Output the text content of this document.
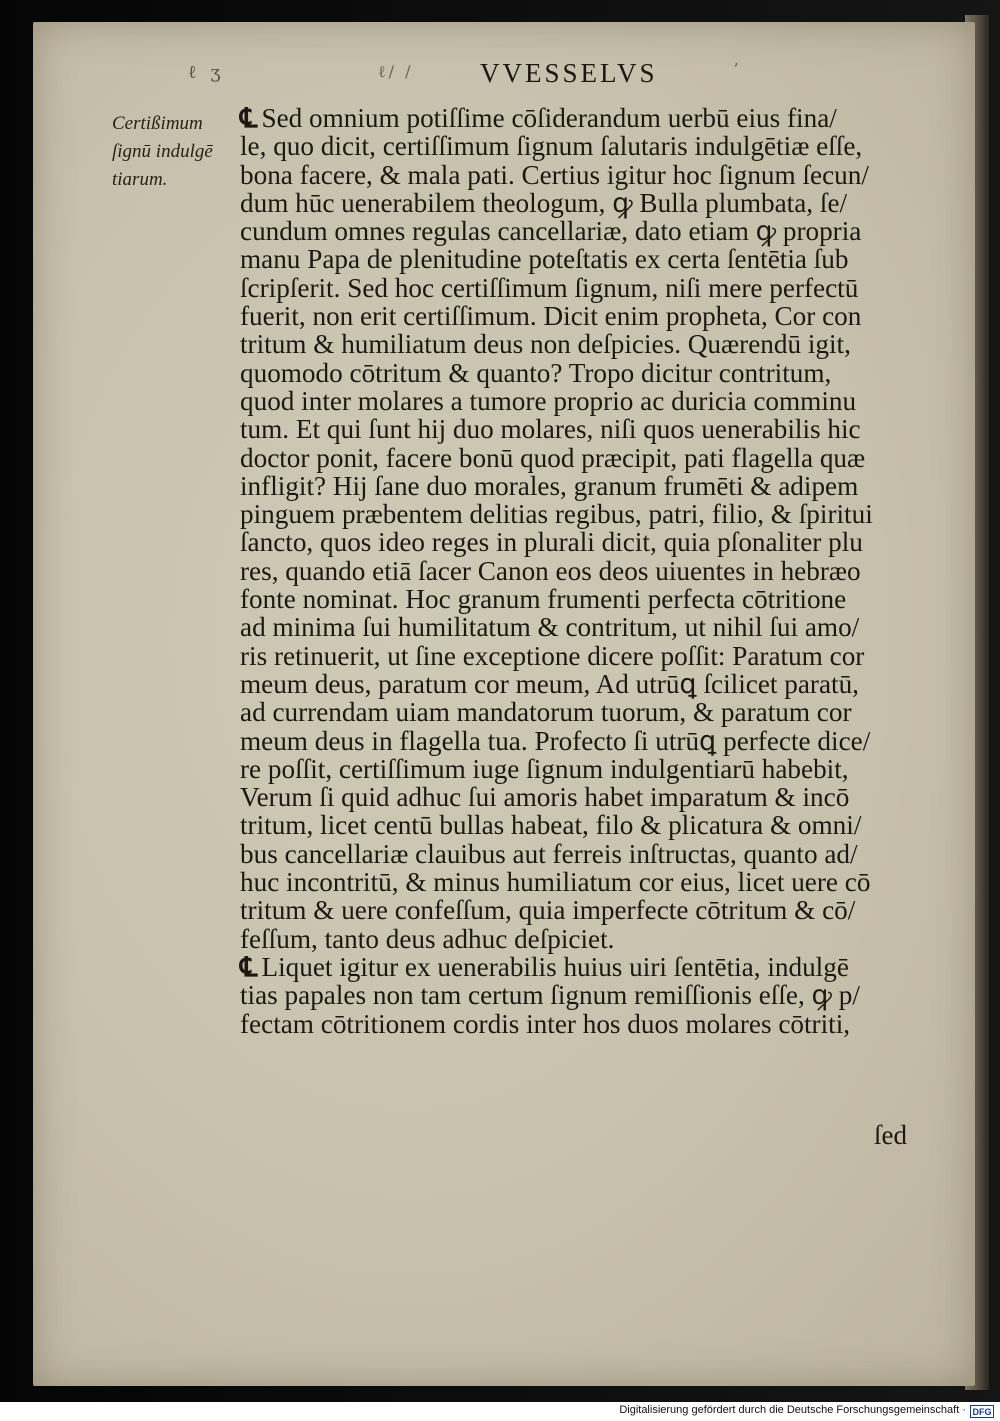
ℓ ʒ	ℓ∕ ∕ VVESSELVS	ʼ
Certißimum
ſignū indulgē
tiarum.
℄ Sed omnium potiſſime cōſiderandum uerbū eius fina/
le, quo dicit, certiſſimum ſignum ſalutaris indulgētiæ eſſe,
bona facere, & mala pati. Certius igitur hoc ſignum ſecun/
dum hūc uenerabilem theologum, ꝙ Bulla plumbata, ſe/
cundum omnes regulas cancellariæ, dato etiam ꝙ propria
manu Papa de plenitudine poteſtatis ex certa ſentētia ſub
ſcripſerit. Sed hoc certiſſimum ſignum, niſi mere perfectū
fuerit, non erit certiſſimum. Dicit enim propheta, Cor con
tritum & humiliatum deus non deſpicies. Quærendū igit,
quomodo cōtritum & quanto? Tropo dicitur contritum,
quod inter molares a tumore proprio ac duricia comminu
tum. Et qui ſunt hĳ duo molares, niſi quos uenerabilis hic
doctor ponit, facere bonū quod præcipit, pati flagella quæ
infligit? Hĳ ſane duo morales, granum frumēti & adipem
pinguem præbentem delitias regibus, patri, filio, & ſpiritui
ſancto, quos ideo reges in plurali dicit, quia pſonaliter plu
res, quando etiā ſacer Canon eos deos uiuentes in hebræo
fonte nominat. Hoc granum frumenti perfecta cōtritione
ad minima ſui humilitatum & contritum, ut nihil ſui amo/
ris retinuerit, ut ſine exceptione dicere poſſit: Paratum cor
meum deus, paratum cor meum, Ad utrūꝗ ſcilicet paratū,
ad currendam uiam mandatorum tuorum, & paratum cor
meum deus in flagella tua. Profecto ſi utrūꝗ perfecte dice/
re poſſit, certiſſimum iuge ſignum indulgentiarū habebit,
Verum ſi quid adhuc ſui amoris habet imparatum & incō
tritum, licet centū bullas habeat, filo & plicatura & omni/
bus cancellariæ clauibus aut ferreis inſtructas, quanto ad/
huc incontritū, & minus humiliatum cor eius, licet uere cō
tritum & uere confeſſum, quia imperfecte cōtritum & cō/
feſſum, tanto deus adhuc deſpiciet.
℄ Liquet igitur ex uenerabilis huius uiri ſentētia, indulgē
tias papales non tam certum ſignum remiſſionis eſſe, ꝙ p/
fectam cōtritionem cordis inter hos duos molares cōtriti,
ſed
Digitalisierung gefördert durch die Deutsche Forschungsgemeinschaft · DFG
